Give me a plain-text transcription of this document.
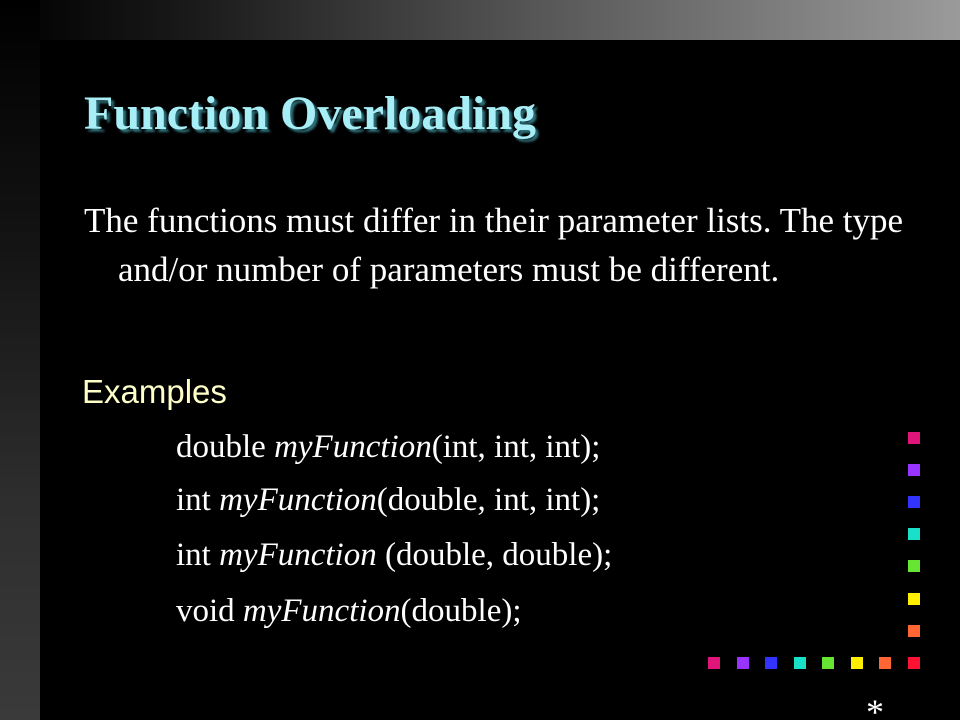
Function Overloading

The functions must differ in their parameter lists. The type and/or number of parameters must be different.

Examples
double myFunction(int, int, int);
int myFunction(double, int, int);
int myFunction (double, double);
void myFunction(double);
*
